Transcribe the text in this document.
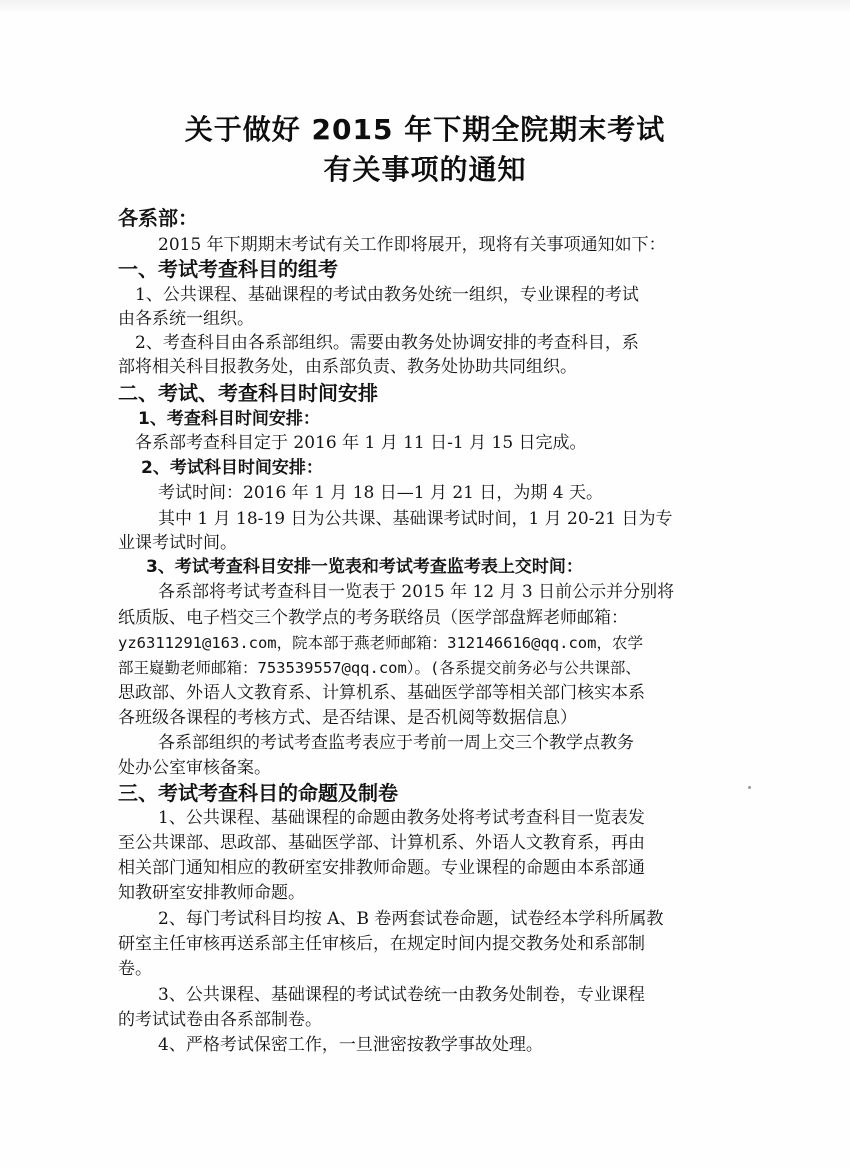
关于做好 2015 年下期全院期末考试
有关事项的通知
各系部：
2015 年下期期末考试有关工作即将展开，现将有关事项通知如下：
一、考试考查科目的组考
1、公共课程、基础课程的考试由教务处统一组织，专业课程的考试
由各系统一组织。
2、考查科目由各系部组织。需要由教务处协调安排的考查科目，系
部将相关科目报教务处，由系部负责、教务处协助共同组织。
二、考试、考查科目时间安排
1、考查科目时间安排：
各系部考查科目定于 2016 年 1 月 11 日-1 月 15 日完成。
2、考试科目时间安排：
考试时间：2016 年 1 月 18 日—1 月 21 日，为期 4 天。
其中 1 月 18-19 日为公共课、基础课考试时间，1 月 20-21 日为专
业课考试时间。
3、考试考查科目安排一览表和考试考查监考表上交时间：
各系部将考试考查科目一览表于 2015 年 12 月 3 日前公示并分别将
纸质版、电子档交三个教学点的考务联络员（医学部盘辉老师邮箱：
yz6311291@163.com，院本部于燕老师邮箱：312146616@qq.com，农学
部王嶷勤老师邮箱：753539557@qq.com）。(各系提交前务必与公共课部、
思政部、外语人文教育系、计算机系、基础医学部等相关部门核实本系
各班级各课程的考核方式、是否结课、是否机阅等数据信息）
各系部组织的考试考查监考表应于考前一周上交三个教学点教务
处办公室审核备案。
三、考试考查科目的命题及制卷
1、公共课程、基础课程的命题由教务处将考试考查科目一览表发
至公共课部、思政部、基础医学部、计算机系、外语人文教育系，再由
相关部门通知相应的教研室安排教师命题。专业课程的命题由本系部通
知教研室安排教师命题。
2、每门考试科目均按 A、B 卷两套试卷命题，试卷经本学科所属教
研室主任审核再送系部主任审核后，在规定时间内提交教务处和系部制
卷。
3、公共课程、基础课程的考试试卷统一由教务处制卷，专业课程
的考试试卷由各系部制卷。
4、严格考试保密工作，一旦泄密按教学事故处理。
